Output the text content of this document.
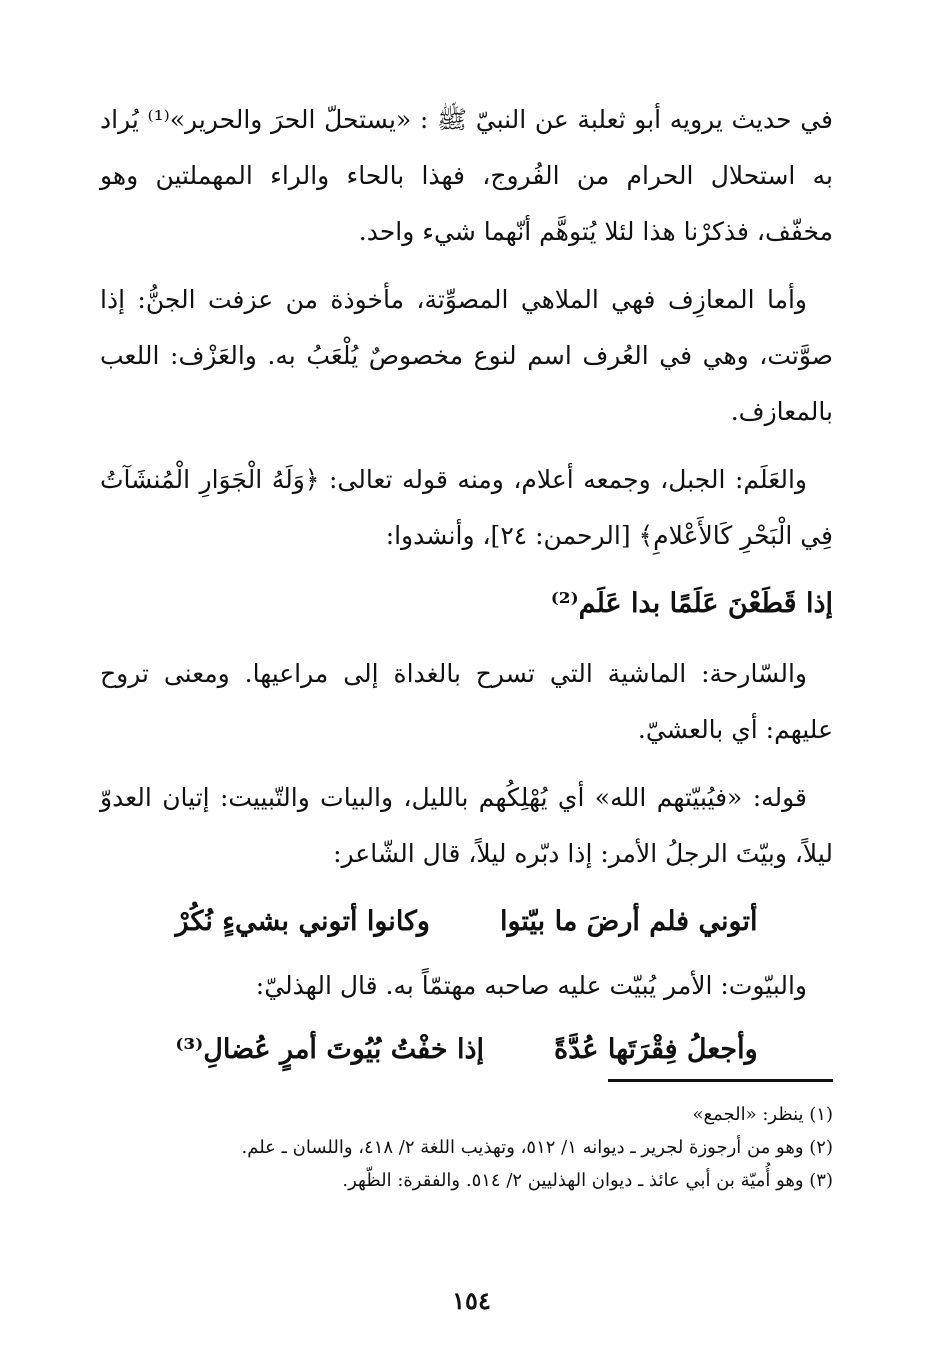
في حديث يرويه أبو ثعلبة عن النبيّ ﷺ : «يستحلّ الحرَ والحرير»⁽¹⁾ يُراد به استحلال الحرام من الفُروج، فهذا بالحاء والراء المهملتين وهو مخفّف، فذكرْنا هذا لئلا يُتوهَّم أنّهما شيء واحد.

وأما المعازِف فهي الملاهي المصوِّتة، مأخوذة من عزفت الجنُّ: إذا صوَّتت، وهي في العُرف اسم لنوع مخصوصٌ يُلْعَبُ به. والعَزْف: اللعب بالمعازف.

والعَلَم: الجبل، وجمعه أعلام، ومنه قوله تعالى: ﴿وَلَهُ الْجَوَارِ الْمُنشَآتُ فِي الْبَحْرِ كَالأَعْلامِ﴾ [الرحمن: ٢٤]، وأنشدوا:

إذا قَطَعْنَ عَلَمًا بدا عَلَم⁽²⁾

والسّارحة: الماشية التي تسرح بالغداة إلى مراعيها. ومعنى تروح عليهم: أي بالعشيّ.

قوله: «فيُبيّتهم الله» أي يُهْلِكُهم بالليل، والبيات والتّبييت: إتيان العدوّ ليلاً، وبيّتَ الرجلُ الأمر: إذا دبّره ليلاً، قال الشّاعر:

أتوني فلم أرضَ ما بيّتوا
وكانوا أتوني بشيءٍ نُكُرْ

والبيّوت: الأمر يُبيّت عليه صاحبه مهتمّاً به. قال الهذليّ:

وأجعلُ فِقْرَتَها عُدَّةً
إذا خفْتُ بُيُوتَ أمرٍ عُضالِ⁽³⁾

(١) ينظر: «الجمع»

(٢) وهو من أرجوزة لجرير ـ ديوانه ١/ ٥١٢، وتهذيب اللغة ٢/ ٤١٨، واللسان ـ علم.

(٣) وهو أُميّة بن أبي عائذ ـ ديوان الهذليين ٢/ ٥١٤. والفقرة: الظّهر.

١٥٤
